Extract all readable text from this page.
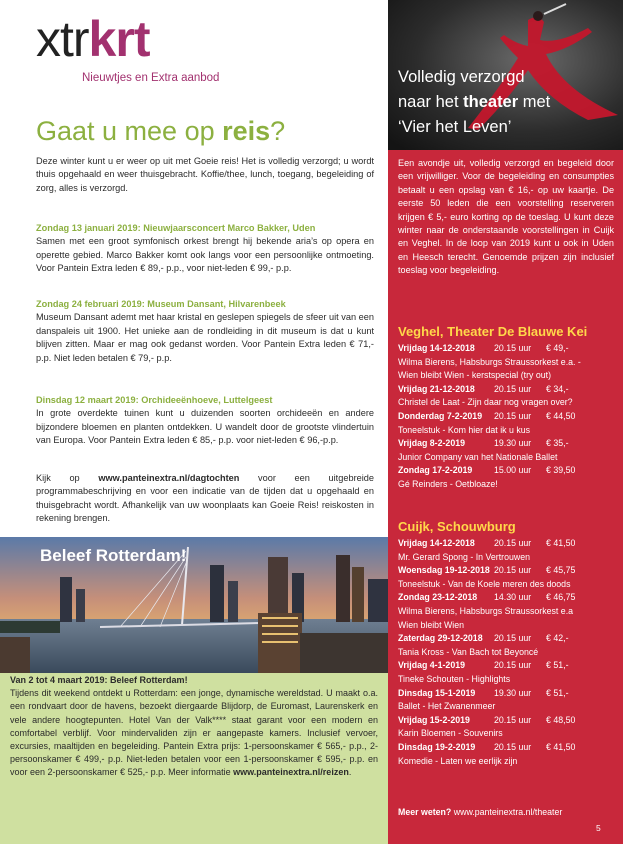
xtrkrt
Nieuwtjes en Extra aanbod
Gaat u mee op reis?
Deze winter kunt u er weer op uit met Goeie reis! Het is volledig verzorgd; u wordt thuis opgehaald en weer thuisgebracht. Koffie/thee, lunch, toegang, begeleiding of zorg, alles is verzorgd.
Zondag 13 januari 2019: Nieuwjaarsconcert Marco Bakker, Uden
Samen met een groot symfonisch orkest brengt hij bekende aria’s op opera en operette gebied. Marco Bakker komt ook langs voor een persoonlijke ontmoeting. Voor Pantein Extra leden € 89,- p.p., voor niet-leden € 99,- p.p.
Zondag 24 februari 2019: Museum Dansant, Hilvarenbeek
Museum Dansant ademt met haar kristal en geslepen spiegels de sfeer uit van een danspaleis uit 1900. Het unieke aan de rondleiding in dit museum is dat u kunt blijven zitten. Maar er mag ook gedanst worden. Voor Pantein Extra leden € 71,- p.p. Niet leden betalen € 79,- p.p.
Dinsdag 12 maart 2019: Orchideeënhoeve, Luttelgeest
In grote overdekte tuinen kunt u duizenden soorten orchideeën en andere bijzondere bloemen en planten ontdekken. U wandelt door de grootste vlindertuin van Europa. Voor Pantein Extra leden € 85,- p.p. voor niet-leden € 96,-p.p.
Kijk op www.panteinextra.nl/dagtochten voor een uitgebreide programmabeschrijving en voor een indicatie van de tijden dat u opgehaald en thuisgebracht wordt. Afhankelijk van uw woonplaats kan Goeie Reis! reiskosten in rekening brengen.
Beleef Rotterdam!
Van 2 tot 4 maart 2019: Beleef Rotterdam!
Tijdens dit weekend ontdekt u Rotterdam: een jonge, dynamische wereldstad. U maakt o.a. een rondvaart door de havens, bezoekt diergaarde Blijdorp, de Euromast, Laurenskerk en vele andere hoogtepunten. Hotel Van der Valk**** staat garant voor een modern en comfortabel verblijf. Voor mindervaliden zijn er aangepaste kamers. Inclusief vervoer, excursies, maaltijden en begeleiding. Pantein Extra prijs: 1-persoonskamer € 565,- p.p., 2-persoonskamer € 499,- p.p. Niet-leden betalen voor een 1-persoonskamer € 595,- p.p. en voor een 2-persoonskamer € 525,- p.p. Meer informatie www.panteinextra.nl/reizen.
Volledig verzorgd
naar het theater met
‘Vier het Leven’
Een avondje uit, volledig verzorgd en begeleid door een vrijwilliger. Voor de begeleiding en consumpties betaalt u een opslag van € 16,- op uw kaartje. De eerste 50 leden die een voorstelling reserveren krijgen € 5,- euro korting op de toeslag. U kunt deze winter naar de onderstaande voorstellingen in Cuijk en Veghel. In de loop van 2019 kunt u ook in Uden en Heesch terecht. Genoemde prijzen zijn inclusief toeslag voor begeleiding.
Veghel, Theater De Blauwe Kei
Vrijdag 14-12-2018 20.15 uur € 49,-
Wilma Bierens, Habsburgs Straussorkest e.a. -
Wien bleibt Wien - kerstspecial (try out)
Vrijdag 21-12-2018 20.15 uur € 34,-
Christel de Laat - Zijn daar nog vragen over?
Donderdag 7-2-2019 20.15 uur € 44,50
Toneelstuk - Kom hier dat ik u kus
Vrijdag 8-2-2019	19.30 uur € 35,-
Junior Company van het Nationale Ballet
Zondag 17-2-2019 15.00 uur € 39,50
Gé Reinders - Oetbloaze!
Cuijk, Schouwburg
Vrijdag 14-12-2018 20.15 uur € 41,50
Mr. Gerard Spong - In Vertrouwen
Woensdag 19-12-2018 20.15 uur € 45,75
Toneelstuk - Van de Koele meren des doods
Zondag 23-12-2018 14.30 uur € 46,75
Wilma Bierens, Habsburgs Straussorkest e.a
Wien bleibt Wien
Zaterdag 29-12-2018 20.15 uur € 42,-
Tania Kross - Van Bach tot Beyoncé
Vrijdag 4-1-2019	20.15 uur € 51,-
Tineke Schouten - Highlights
Dinsdag 15-1-2019 19.30 uur € 51,-
Ballet - Het Zwanenmeer
Vrijdag 15-2-2019	20.15 uur € 48,50
Karin Bloemen - Souvenirs
Dinsdag 19-2-2019 20.15 uur € 41,50
Komedie - Laten we eerlijk zijn
Meer weten? www.panteinextra.nl/theater
5
